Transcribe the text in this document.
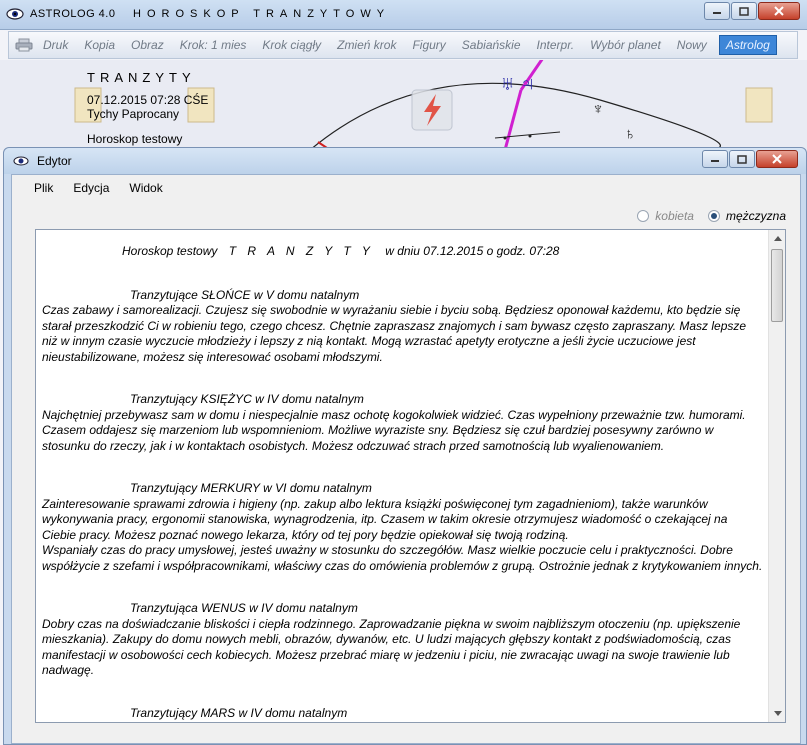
ASTROLOG 4.0 HOROSKOP TRANZYTOWY
Druk	Kopia	Obraz	Krok: 1 mies	Krok ciągły	Zmień krok	Figury	Sabiańskie	Interpr.	Wybór planet	Nowy	Astrolog
TRANZYTY
07.12.2015 07:28 CŚE
Tychy Paprocany
Horoskop testowy
♅ ♃
♆
♄
Edytor
Plik	Edycja	Widok
kobieta	mężczyzna
Horoskop testowy T R A N Z Y T Y w dniu 07.12.2015 o godz. 07:28
Tranzytujące SŁOŃCE w V domu natalnym

Czas zabawy i samorealizacji. Czujesz się swobodnie w wyrażaniu siebie i byciu sobą. Będziesz oponował każdemu, kto będzie się starał przeszkodzić Ci w robieniu tego, czego chcesz. Chętnie zapraszasz znajomych i sam bywasz często zapraszany. Masz lepsze niż w innym czasie wyczucie młodzieży i lepszy z nią kontakt. Mogą wzrastać apetyty erotyczne a jeśli życie uczuciowe jest nieustabilizowane, możesz się interesować osobami młodszymi.

Tranzytujący KSIĘŻYC w IV domu natalnym

Najchętniej przebywasz sam w domu i niespecjalnie masz ochotę kogokolwiek widzieć. Czas wypełniony przeważnie tzw. humorami. Czasem oddajesz się marzeniom lub wspomnieniom. Możliwe wyraziste sny. Będziesz się czuł bardziej posesywny zarówno w stosunku do rzeczy, jak i w kontaktach osobistych. Możesz odczuwać strach przed samotnością lub wyalienowaniem.

Tranzytujący MERKURY w VI domu natalnym

Zainteresowanie sprawami zdrowia i higieny (np. zakup albo lektura książki poświęconej tym zagadnieniom), także warunków wykonywania pracy, ergonomii stanowiska, wynagrodzenia, itp. Czasem w takim okresie otrzymujesz wiadomość o czekającej na Ciebie pracy. Możesz poznać nowego lekarza, który od tej pory będzie opiekował się twoją rodziną.

Wspaniały czas do pracy umysłowej, jesteś uważny w stosunku do szczegółów. Masz wielkie poczucie celu i praktyczności. Dobre współżycie z szefami i współpracownikami, właściwy czas do omówienia problemów z grupą. Ostrożnie jednak z krytykowaniem innych.

Tranzytująca WENUS w IV domu natalnym

Dobry czas na doświadczanie bliskości i ciepła rodzinnego. Zaprowadzanie piękna w swoim najbliższym otoczeniu (np. upiększenie mieszkania). Zakupy do domu nowych mebli, obrazów, dywanów, etc. U ludzi mających głębszy kontakt z podświadomością, czas manifestacji w osobowości cech kobiecych. Możesz przebrać miarę w jedzeniu i piciu, nie zwracając uwagi na swoje trawienie lub nadwagę.

Tranzytujący MARS w IV domu natalnym
